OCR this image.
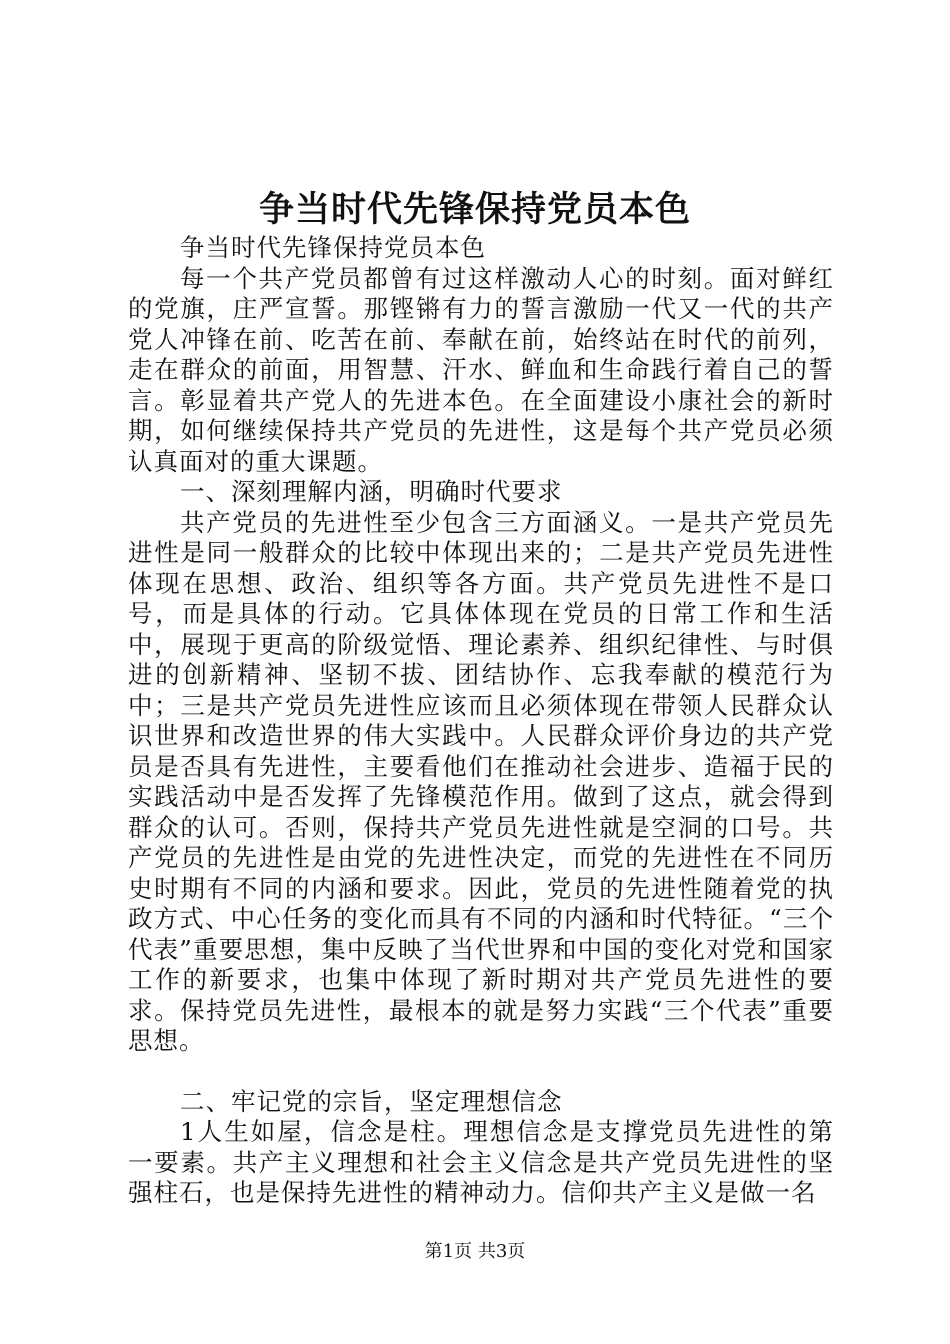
争当时代先锋保持党员本色

争当时代先锋保持党员本色

每一个共产党员都曾有过这样激动人心的时刻。面对鲜红的党旗，庄严宣誓。那铿锵有力的誓言激励一代又一代的共产党人冲锋在前、吃苦在前、奉献在前，始终站在时代的前列，走在群众的前面，用智慧、汗水、鲜血和生命践行着自己的誓言。彰显着共产党人的先进本色。在全面建设小康社会的新时期，如何继续保持共产党员的先进性，这是每个共产党员必须认真面对的重大课题。

一、深刻理解内涵，明确时代要求

共产党员的先进性至少包含三方面涵义。一是共产党员先进性是同一般群众的比较中体现出来的；二是共产党员先进性体现在思想、政治、组织等各方面。共产党员先进性不是口号，而是具体的行动。它具体体现在党员的日常工作和生活中，展现于更高的阶级觉悟、理论素养、组织纪律性、与时俱进的创新精神、坚韧不拔、团结协作、忘我奉献的模范行为中；三是共产党员先进性应该而且必须体现在带领人民群众认识世界和改造世界的伟大实践中。人民群众评价身边的共产党员是否具有先进性，主要看他们在推动社会进步、造福于民的实践活动中是否发挥了先锋模范作用。做到了这点，就会得到群众的认可。否则，保持共产党员先进性就是空洞的口号。共产党员的先进性是由党的先进性决定，而党的先进性在不同历史时期有不同的内涵和要求。因此，党员的先进性随着党的执政方式、中心任务的变化而具有不同的内涵和时代特征。“三个代表”重要思想，集中反映了当代世界和中国的变化对党和国家工作的新要求，也集中体现了新时期对共产党员先进性的要求。保持党员先进性，最根本的就是努力实践“三个代表”重要思想。

二、牢记党的宗旨，坚定理想信念

1人生如屋，信念是柱。理想信念是支撑党员先进性的第一要素。共产主义理想和社会主义信念是共产党员先进性的坚强柱石，也是保持先进性的精神动力。信仰共产主义是做一名

第1页 共3页
